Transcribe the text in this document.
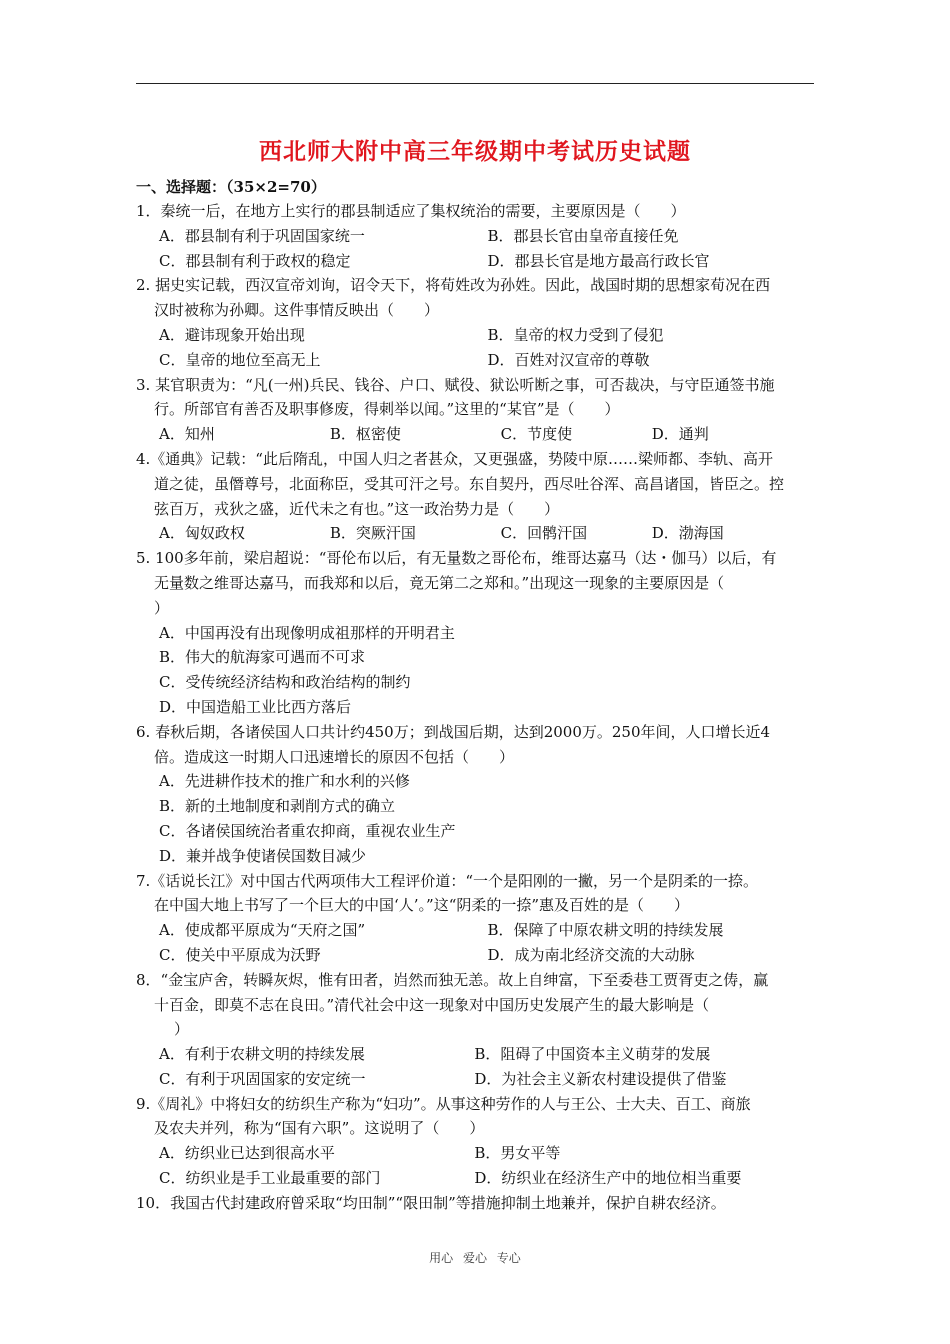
西北师大附中高三年级期中考试历史试题
一、选择题：（35×2=70）
1．秦统一后，在地方上实行的郡县制适应了集权统治的需要，主要原因是（　　）
A．郡县制有利于巩固国家统一	B．郡县长官由皇帝直接任免
C．郡县制有利于政权的稳定	D．郡县长官是地方最高行政长官
2. 据史实记载，西汉宣帝刘询，诏令天下，将荀姓改为孙姓。因此，战国时期的思想家荀况在西
汉时被称为孙卿。这件事情反映出（　　）
A．避讳现象开始出现	B．皇帝的权力受到了侵犯
C．皇帝的地位至高无上	D．百姓对汉宣帝的尊敬
3. 某官职责为：“凡(一州)兵民、钱谷、户口、赋役、狱讼听断之事，可否裁决，与守臣通签书施
行。所部官有善否及职事修废，得刺举以闻。”这里的“某官”是（　　）
A．知州	B．枢密使	C．节度使	D．通判
4.《通典》记载：“此后隋乱，中国人归之者甚众，又更强盛，势陵中原……梁师都、李轨、高开
道之徒，虽僭尊号，北面称臣，受其可汗之号。东自契丹，西尽吐谷浑、高昌诸国，皆臣之。控
弦百万，戎狄之盛，近代未之有也。”这一政治势力是（　　）
A．匈奴政权	B．突厥汗国	C．回鹘汗国	D．渤海国
5. 100多年前，梁启超说：“哥伦布以后，有无量数之哥伦布，维哥达嘉马（达・伽马）以后，有
无量数之维哥达嘉马，而我郑和以后，竟无第二之郑和。”出现这一现象的主要原因是（
）
A．中国再没有出现像明成祖那样的开明君主
B．伟大的航海家可遇而不可求
C．受传统经济结构和政治结构的制约
D．中国造船工业比西方落后
6. 春秋后期，各诸侯国人口共计约450万；到战国后期，达到2000万。250年间，人口增长近4
倍。造成这一时期人口迅速增长的原因不包括（　　）
A．先进耕作技术的推广和水利的兴修
B．新的土地制度和剥削方式的确立
C．各诸侯国统治者重农抑商，重视农业生产
D．兼并战争使诸侯国数目减少
7.《话说长江》对中国古代两项伟大工程评价道：“一个是阳刚的一撇，另一个是阴柔的一捺。
在中国大地上书写了一个巨大的中国‘人’。”这“阴柔的一捺”惠及百姓的是（　　）
A．使成都平原成为“天府之国”	B．保障了中原农耕文明的持续发展
C．使关中平原成为沃野	D．成为南北经济交流的大动脉
8．“金宝庐舍，转瞬灰烬，惟有田者，岿然而独无恙。故上自绅富，下至委巷工贾胥吏之俦，赢
十百金，即莫不志在良田。”清代社会中这一现象对中国历史发展产生的最大影响是（
）
A．有利于农耕文明的持续发展	B．阻碍了中国资本主义萌芽的发展
C．有利于巩固国家的安定统一	D．为社会主义新农村建设提供了借鉴
9.《周礼》中将妇女的纺织生产称为“妇功”。从事这种劳作的人与王公、士大夫、百工、商旅
及农夫并列，称为“国有六职”。这说明了（　　）
A．纺织业已达到很高水平	B．男女平等
C．纺织业是手工业最重要的部门	D．纺织业在经济生产中的地位相当重要
10．我国古代封建政府曾采取“均田制”“限田制”等措施抑制土地兼并，保护自耕农经济。
用心 爱心 专心
